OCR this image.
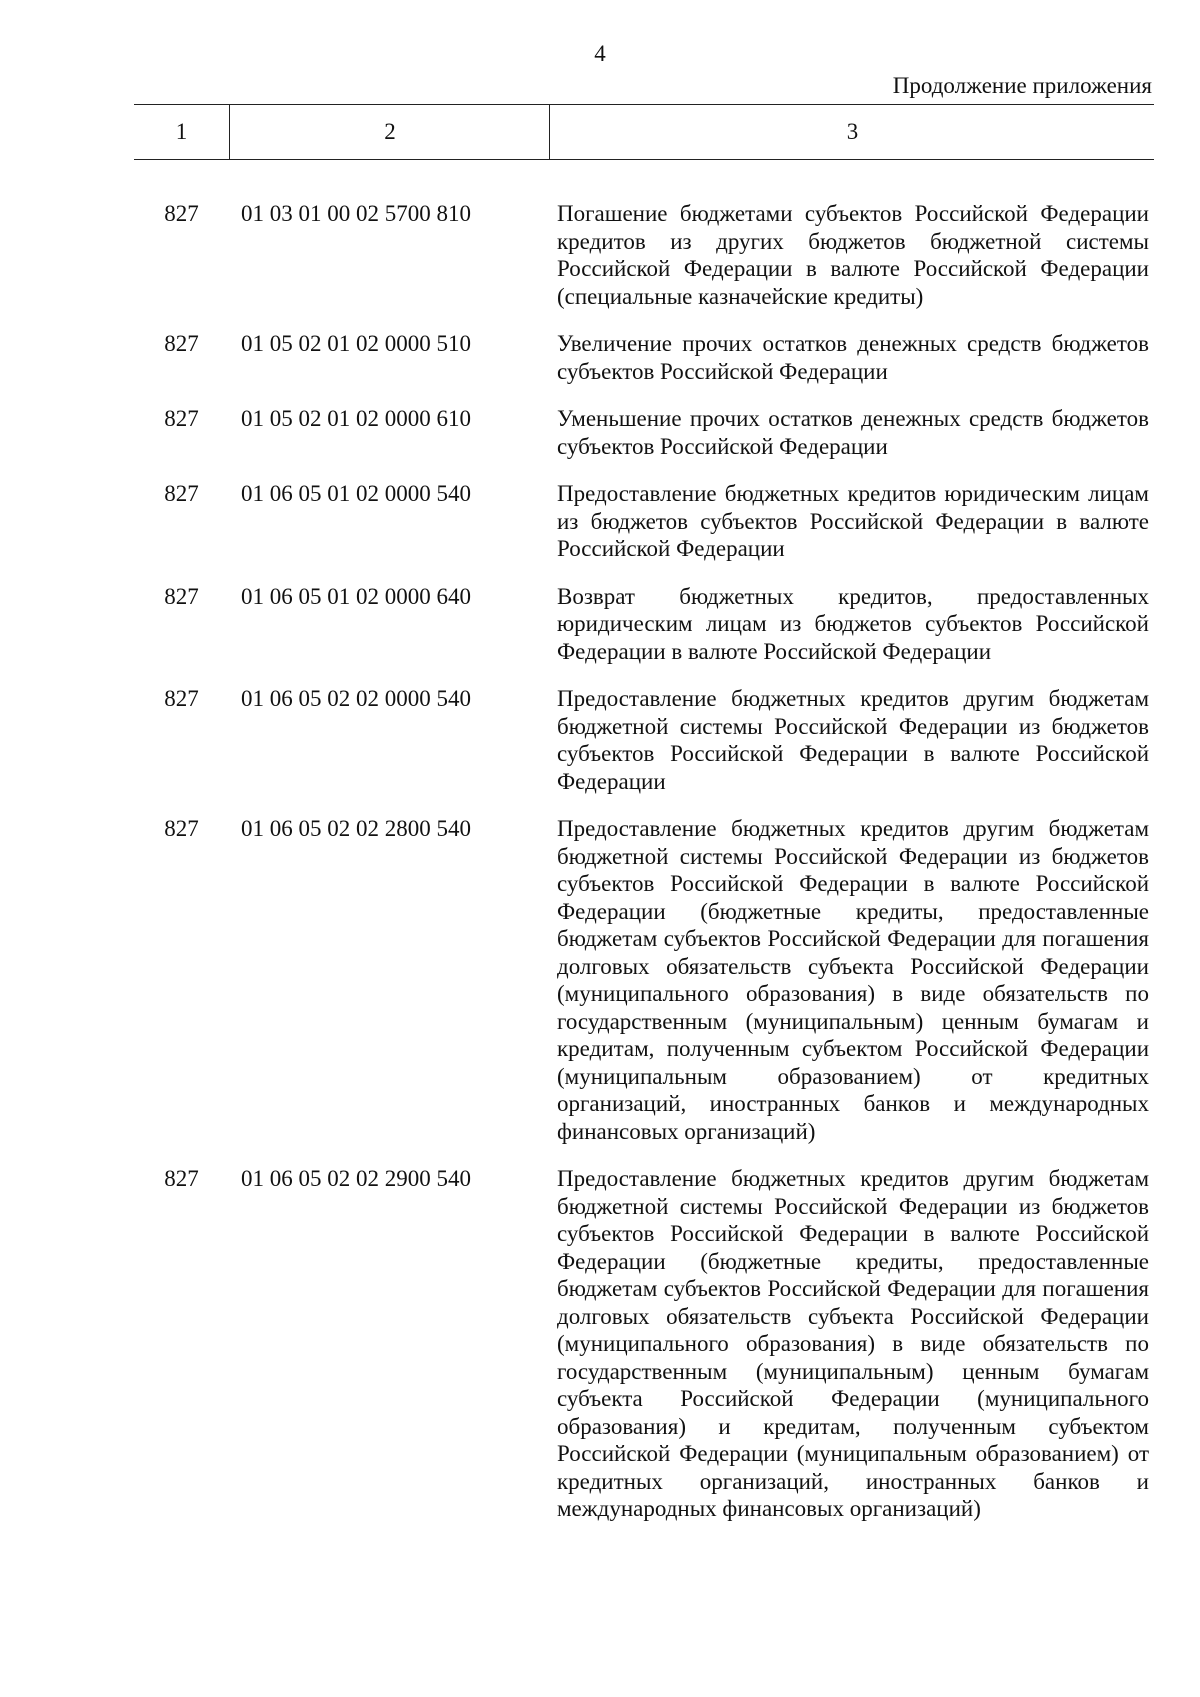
4
Продолжение приложения
1	2	3
827	01 03 01 00 02 5700 810	Погашение бюджетами субъектов Российской Федерации кредитов из других бюджетов бюджетной системы Российской Федерации в валюте Российской Федерации (специальные казначейские кредиты)
827	01 05 02 01 02 0000 510	Увеличение прочих остатков денежных средств бюджетов субъектов Российской Федерации
827	01 05 02 01 02 0000 610	Уменьшение прочих остатков денежных средств бюджетов субъектов Российской Федерации
827	01 06 05 01 02 0000 540	Предоставление бюджетных кредитов юридическим лицам из бюджетов субъектов Российской Федерации в валюте Российской Федерации
827	01 06 05 01 02 0000 640	Возврат бюджетных кредитов, предоставленных юридическим лицам из бюджетов субъектов Российской Федерации в валюте Российской Федерации
827	01 06 05 02 02 0000 540	Предоставление бюджетных кредитов другим бюджетам бюджетной системы Российской Федерации из бюджетов субъектов Российской Федерации в валюте Российской Федерации
827	01 06 05 02 02 2800 540	Предоставление бюджетных кредитов другим бюджетам бюджетной системы Российской Федерации из бюджетов субъектов Российской Федерации в валюте Российской Федерации (бюджетные кредиты, предоставленные бюджетам субъектов Российской Федерации для погашения долговых обязательств субъекта Российской Федерации (муниципального образования) в виде обязательств по государственным (муниципальным) ценным бумагам и кредитам, полученным субъектом Российской Федерации (муниципальным образованием) от кредитных организаций, иностранных банков и международных финансовых организаций)
827	01 06 05 02 02 2900 540	Предоставление бюджетных кредитов другим бюджетам бюджетной системы Российской Федерации из бюджетов субъектов Российской Федерации в валюте Российской Федерации (бюджетные кредиты, предоставленные бюджетам субъектов Российской Федерации для погашения долговых обязательств субъекта Российской Федерации (муниципального образования) в виде обязательств по государственным (муниципальным) ценным бумагам субъекта Российской Федерации (муниципального образования) и кредитам, полученным субъектом Российской Федерации (муниципальным образованием) от кредитных организаций, иностранных банков и международных финансовых организаций)
